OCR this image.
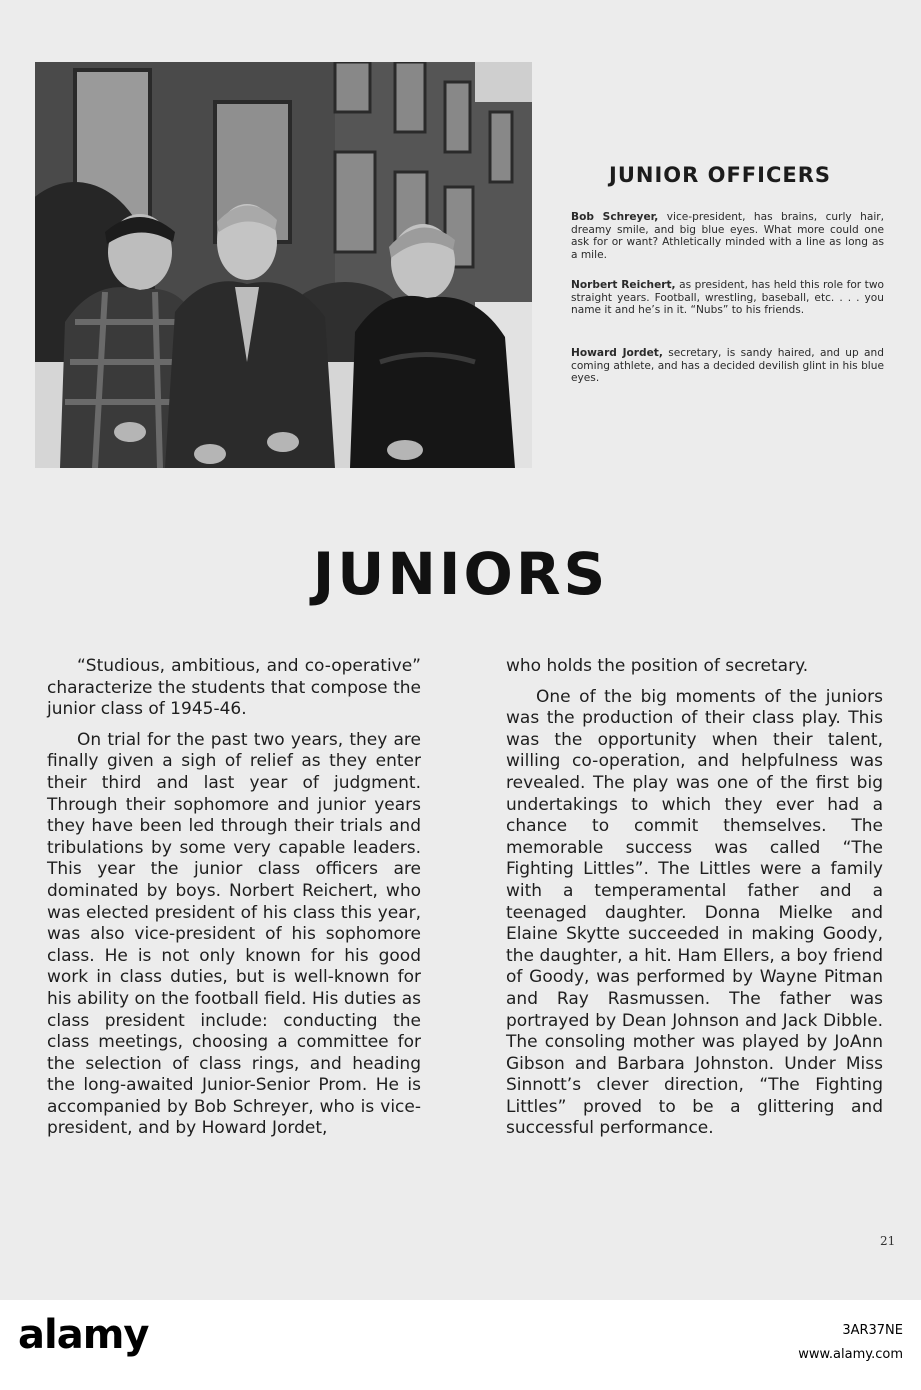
JUNIOR OFFICERS
Bob Schreyer, vice-president, has brains, curly hair, dreamy smile, and big blue eyes. What more could one ask for or want? Athletically minded with a line as long as a mile.
Norbert Reichert, as president, has held this role for two straight years. Football, wrestling, baseball, etc. . . . you name it and he’s in it. “Nubs” to his friends.
Howard Jordet, secretary, is sandy haired, and up and coming athlete, and has a decided devilish glint in his blue eyes.
JUNIORS

“Studious, ambitious, and co-operative” characterize the students that compose the junior class of 1945-46.

On trial for the past two years, they are finally given a sigh of relief as they enter their third and last year of judgment. Through their sophomore and junior years they have been led through their trials and tribulations by some very capable leaders. This year the junior class officers are dominated by boys. Norbert Reichert, who was elected president of his class this year, was also vice-president of his sophomore class. He is not only known for his good work in class duties, but is well-known for his ability on the football field. His duties as class president include: conducting the class meetings, choosing a committee for the selection of class rings, and heading the long-awaited Junior-Senior Prom. He is accompanied by Bob Schreyer, who is vice-president, and by Howard Jordet,

who holds the position of secretary.

One of the big moments of the juniors was the production of their class play. This was the opportunity when their talent, willing co-operation, and helpfulness was revealed. The play was one of the first big undertakings to which they ever had a chance to commit themselves. The memorable success was called “The Fighting Littles”. The Littles were a family with a temperamental father and a teenaged daughter. Donna Mielke and Elaine Skytte succeeded in making Goody, the daughter, a hit. Ham Ellers, a boy friend of Goody, was performed by Wayne Pitman and Ray Rasmussen. The father was portrayed by Dean Johnson and Jack Dibble. The consoling mother was played by JoAnn Gibson and Barbara Johnston. Under Miss Sinnott’s clever direction, “The Fighting Littles” proved to be a glittering and successful performance.

21
alamy	3AR37NE
www.alamy.com
